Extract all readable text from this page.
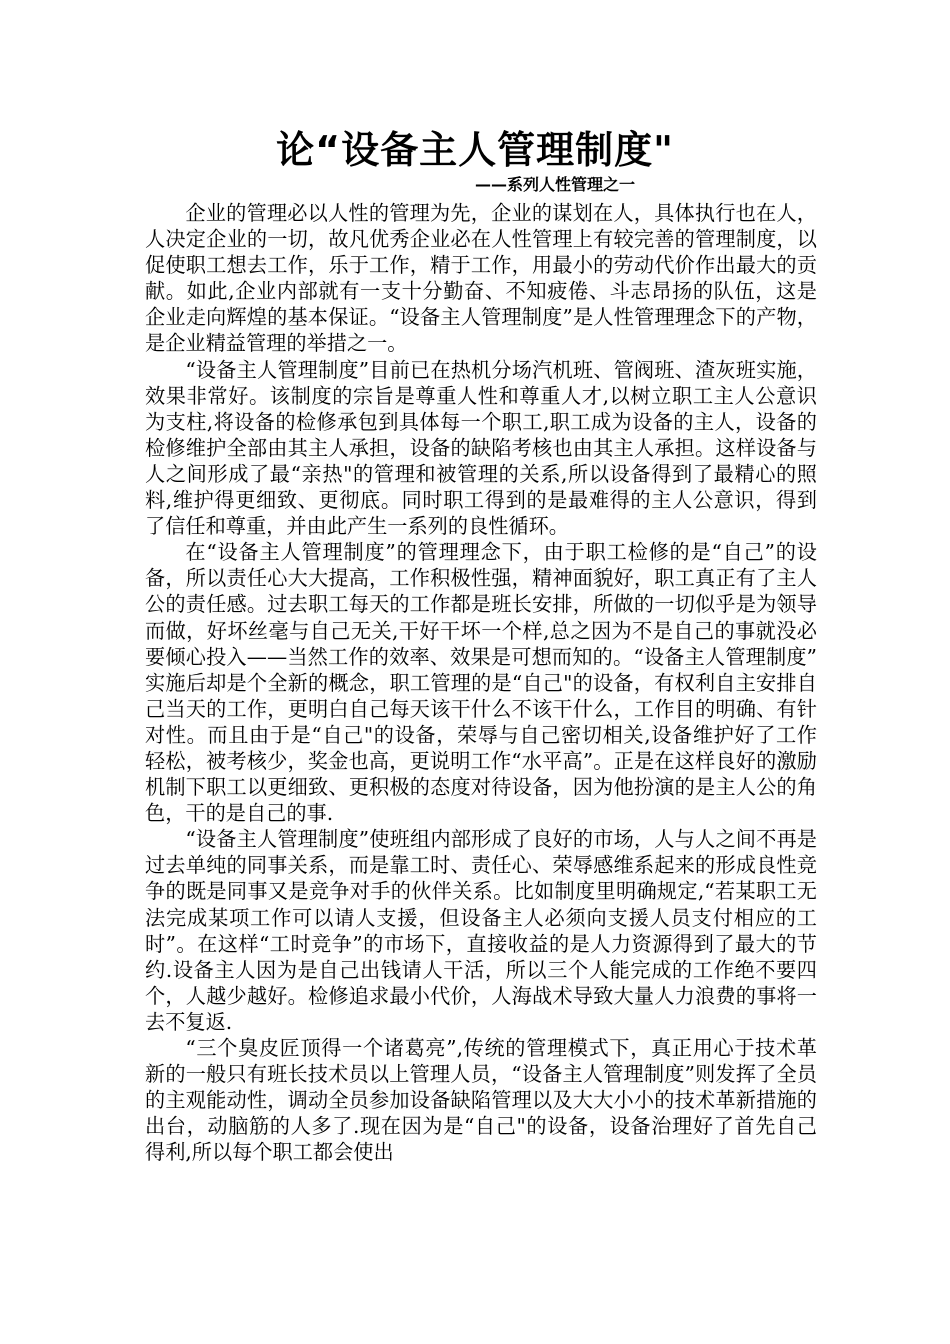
论“设备主人管理制度"
——系列人性管理之一

企业的管理必以人性的管理为先，企业的谋划在人，具体执行也在人，人决定企业的一切，故凡优秀企业必在人性管理上有较完善的管理制度，以促使职工想去工作，乐于工作，精于工作，用最小的劳动代价作出最大的贡献。如此,企业内部就有一支十分勤奋、不知疲倦、斗志昂扬的队伍，这是企业走向辉煌的基本保证。“设备主人管理制度”是人性管理理念下的产物，是企业精益管理的举措之一。

“设备主人管理制度”目前已在热机分场汽机班、管阀班、渣灰班实施，效果非常好。该制度的宗旨是尊重人性和尊重人才,以树立职工主人公意识为支柱,将设备的检修承包到具体每一个职工,职工成为设备的主人，设备的检修维护全部由其主人承担，设备的缺陷考核也由其主人承担。这样设备与人之间形成了最“亲热"的管理和被管理的关系,所以设备得到了最精心的照料,维护得更细致、更彻底。同时职工得到的是最难得的主人公意识，得到了信任和尊重，并由此产生一系列的良性循环。

在“设备主人管理制度”的管理理念下，由于职工检修的是“自己”的设备，所以责任心大大提高，工作积极性强，精神面貌好，职工真正有了主人公的责任感。过去职工每天的工作都是班长安排，所做的一切似乎是为领导而做，好坏丝毫与自己无关,干好干坏一个样,总之因为不是自己的事就没必要倾心投入——当然工作的效率、效果是可想而知的。“设备主人管理制度” 实施后却是个全新的概念，职工管理的是“自己"的设备，有权利自主安排自己当天的工作，更明白自己每天该干什么不该干什么，工作目的明确、有针对性。而且由于是“自己"的设备，荣辱与自己密切相关,设备维护好了工作轻松，被考核少，奖金也高，更说明工作“水平高”。正是在这样良好的激励机制下职工以更细致、更积极的态度对待设备，因为他扮演的是主人公的角色，干的是自己的事.

“设备主人管理制度”使班组内部形成了良好的市场，人与人之间不再是过去单纯的同事关系，而是靠工时、责任心、荣辱感维系起来的形成良性竞争的既是同事又是竞争对手的伙伴关系。比如制度里明确规定,“若某职工无法完成某项工作可以请人支援，但设备主人必须向支援人员支付相应的工时”。在这样“工时竞争”的市场下，直接收益的是人力资源得到了最大的节约.设备主人因为是自己出钱请人干活，所以三个人能完成的工作绝不要四个，人越少越好。检修追求最小代价，人海战术导致大量人力浪费的事将一去不复返.

“三个臭皮匠顶得一个诸葛亮”,传统的管理模式下，真正用心于技术革新的一般只有班长技术员以上管理人员，“设备主人管理制度”则发挥了全员的主观能动性，调动全员参加设备缺陷管理以及大大小小的技术革新措施的出台，动脑筋的人多了.现在因为是“自己"的设备，设备治理好了首先自己得利,所以每个职工都会使出
